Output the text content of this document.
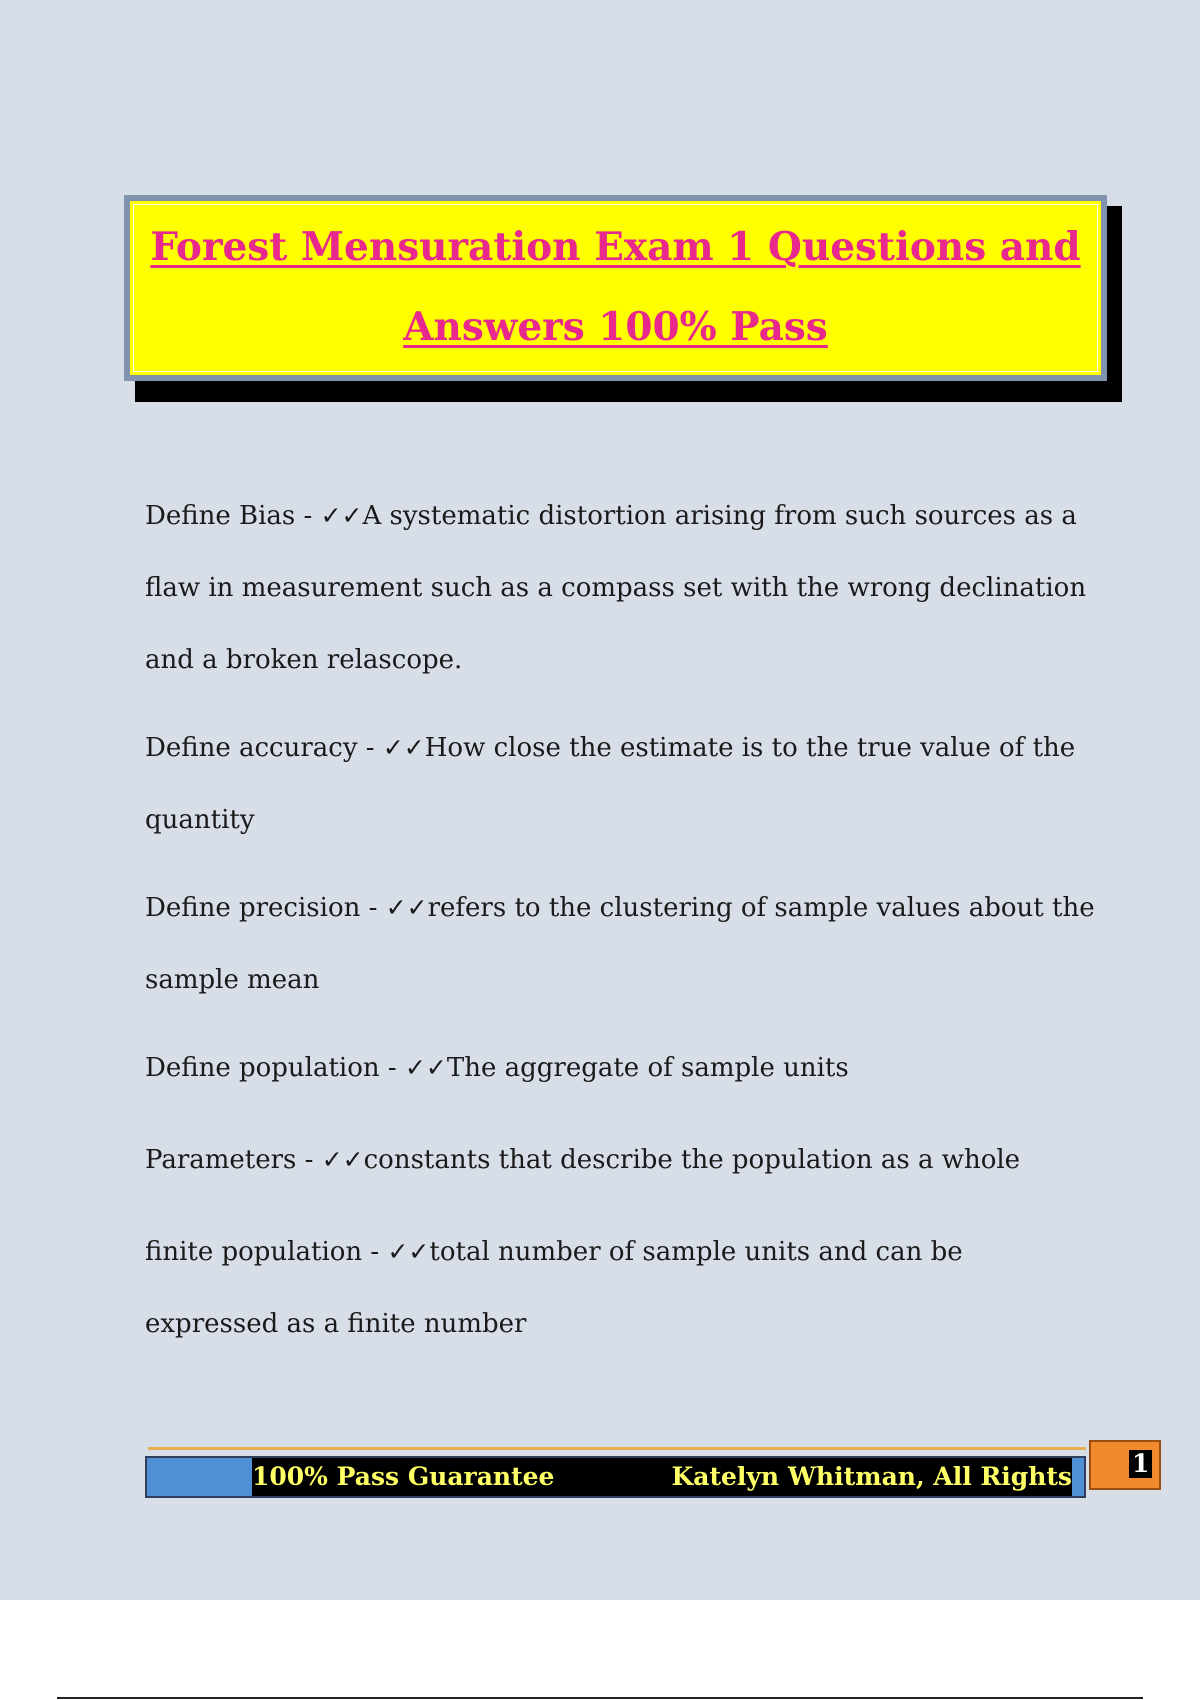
Forest Mensuration Exam 1 Questions and
Answers 100% Pass

Define Bias - ✓✓A systematic distortion arising from such sources as a flaw in measurement such as a compass set with the wrong declination and a broken relascope.

Define accuracy - ✓✓How close the estimate is to the true value of the quantity

Define precision - ✓✓refers to the clustering of sample values about the sample mean

Define population - ✓✓The aggregate of sample units

Parameters - ✓✓constants that describe the population as a whole

finite population - ✓✓total number of sample units and can be expressed as a finite number

100% Pass Guarantee	Katelyn Whitman, All Rights 1
